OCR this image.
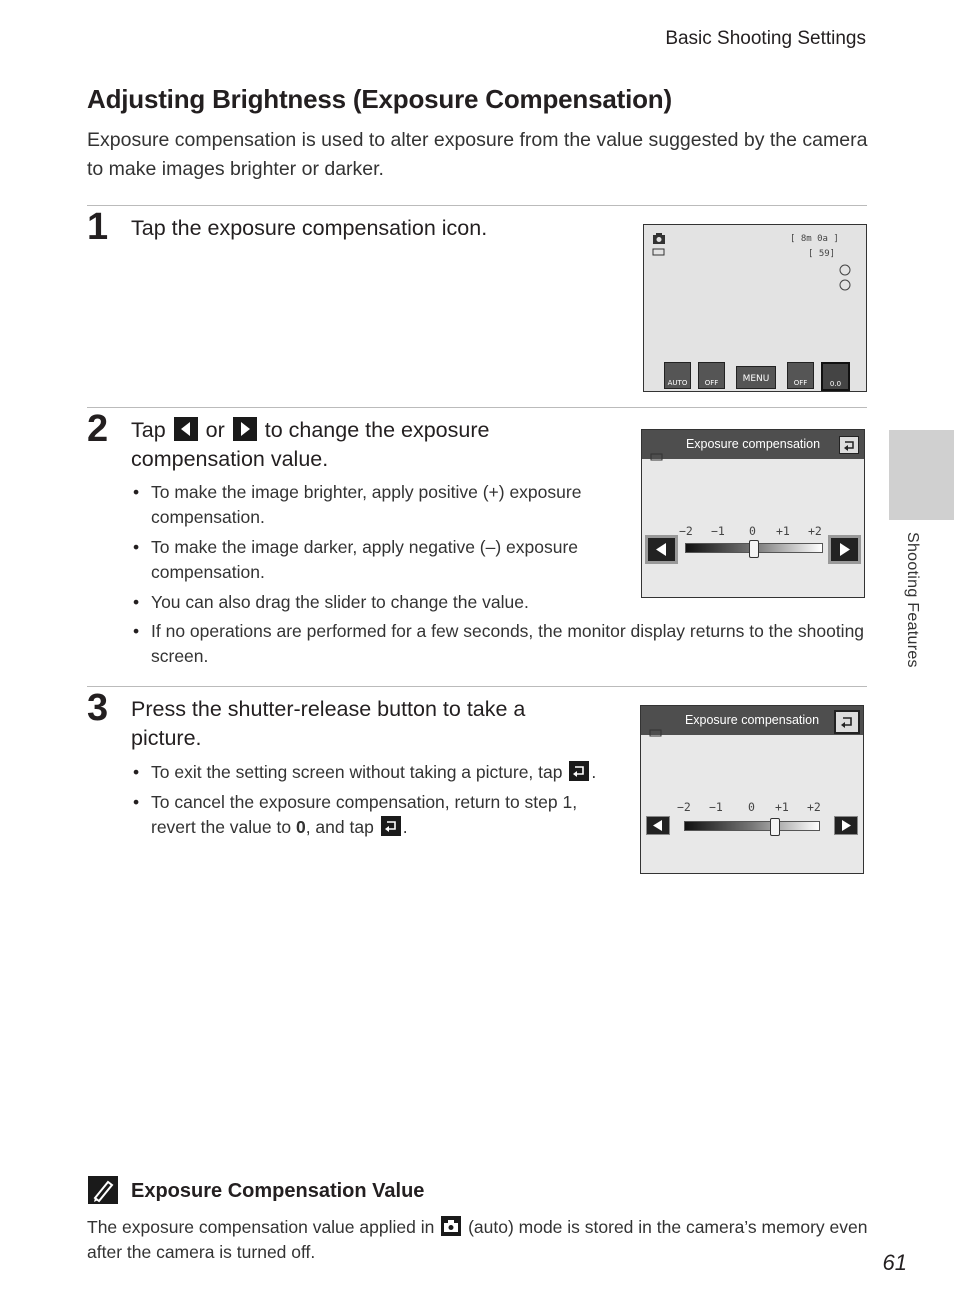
Basic Shooting Settings
Adjusting Brightness (Exposure Compensation)
Exposure compensation is used to alter exposure from the value suggested by the camera to make images brighter or darker.
1 Tap the exposure compensation icon.	[ 8m 0a ]
[ 59]
AUTO	OFF	MENU	OFF	0.0
2 Tap or to change the exposure compensation value.
• To make the image brighter, apply positive (+) exposure compensation.
• To make the image darker, apply negative (–) exposure compensation.
• You can also drag the slider to change the value.
• If no operations are performed for a few seconds, the monitor display returns to the shooting screen.
Exposure compensation
−2 −1 0 +1 +2
3 Press the shutter-release button to take a picture.
• To exit the setting screen without taking a picture, tap .
• To cancel the exposure compensation, return to step 1, revert the value to 0, and tap .
Exposure compensation
−2 −1 0 +1 +2
Shooting Features
Exposure Compensation Value
The exposure compensation value applied in (auto) mode is stored in the camera’s memory even after the camera is turned off.	61
